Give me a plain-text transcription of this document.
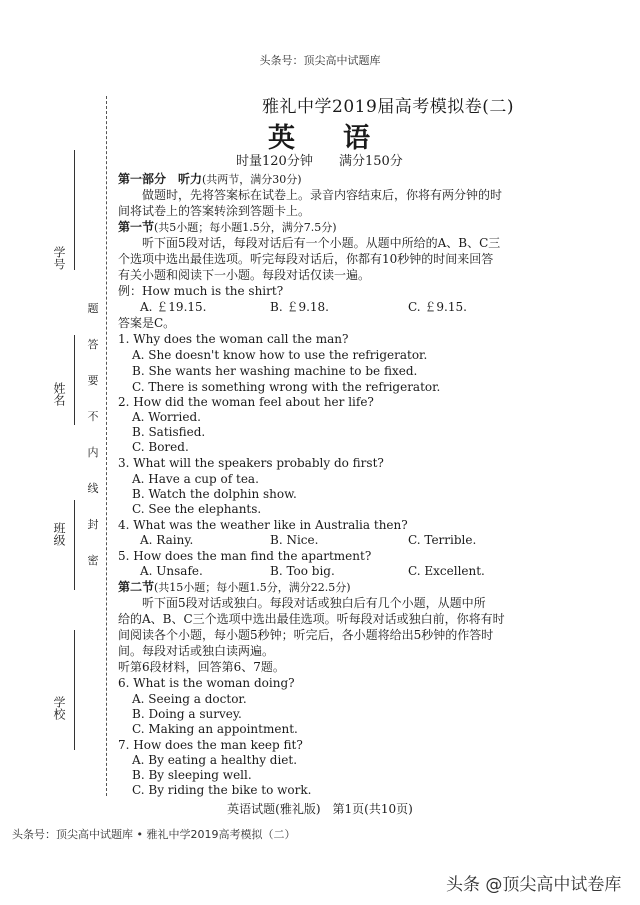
头条号：顶尖高中试题库
学号
姓名
班级
学校
题
答
要
不
内
线
封
密
雅礼中学2019届高考模拟卷(二)
英语
时量120分钟 满分150分
第一部分　听力(共两节，满分30分)
做题时，先将答案标在试卷上。录音内容结束后，你将有两分钟的时
间将试卷上的答案转涂到答题卡上。
第一节(共5小题；每小题1.5分，满分7.5分)
听下面5段对话，每段对话后有一个小题。从题中所给的A、B、C三
个选项中选出最佳选项。听完每段对话后，你都有10秒钟的时间来回答
有关小题和阅读下一小题。每段对话仅读一遍。
例：How much is the shirt?
A. ￡19.15.	B. ￡9.18.	C. ￡9.15.
答案是C。
1. Why does the woman call the man?
A. She doesn't know how to use the refrigerator.
B. She wants her washing machine to be fixed.
C. There is something wrong with the refrigerator.
2. How did the woman feel about her life?
A. Worried.
B. Satisfied.
C. Bored.
3. What will the speakers probably do first?
A. Have a cup of tea.
B. Watch the dolphin show.
C. See the elephants.
4. What was the weather like in Australia then?
A. Rainy.	B. Nice.	C. Terrible.
5. How does the man find the apartment?
A. Unsafe.	B. Too big.	C. Excellent.
第二节(共15小题；每小题1.5分，满分22.5分)
听下面5段对话或独白。每段对话或独白后有几个小题，从题中所
给的A、B、C三个选项中选出最佳选项。听每段对话或独白前，你将有时
间阅读各个小题，每小题5秒钟；听完后，各小题将给出5秒钟的作答时
间。每段对话或独白读两遍。
听第6段材料，回答第6、7题。
6. What is the woman doing?
A. Seeing a doctor.
B. Doing a survey.
C. Making an appointment.
7. How does the man keep fit?
A. By eating a healthy diet.
B. By sleeping well.
C. By riding the bike to work.
英语试题(雅礼版)　第1页(共10页)
头条号：顶尖高中试题库 • 雅礼中学2019高考模拟（二）
头条 @顶尖高中试卷库
